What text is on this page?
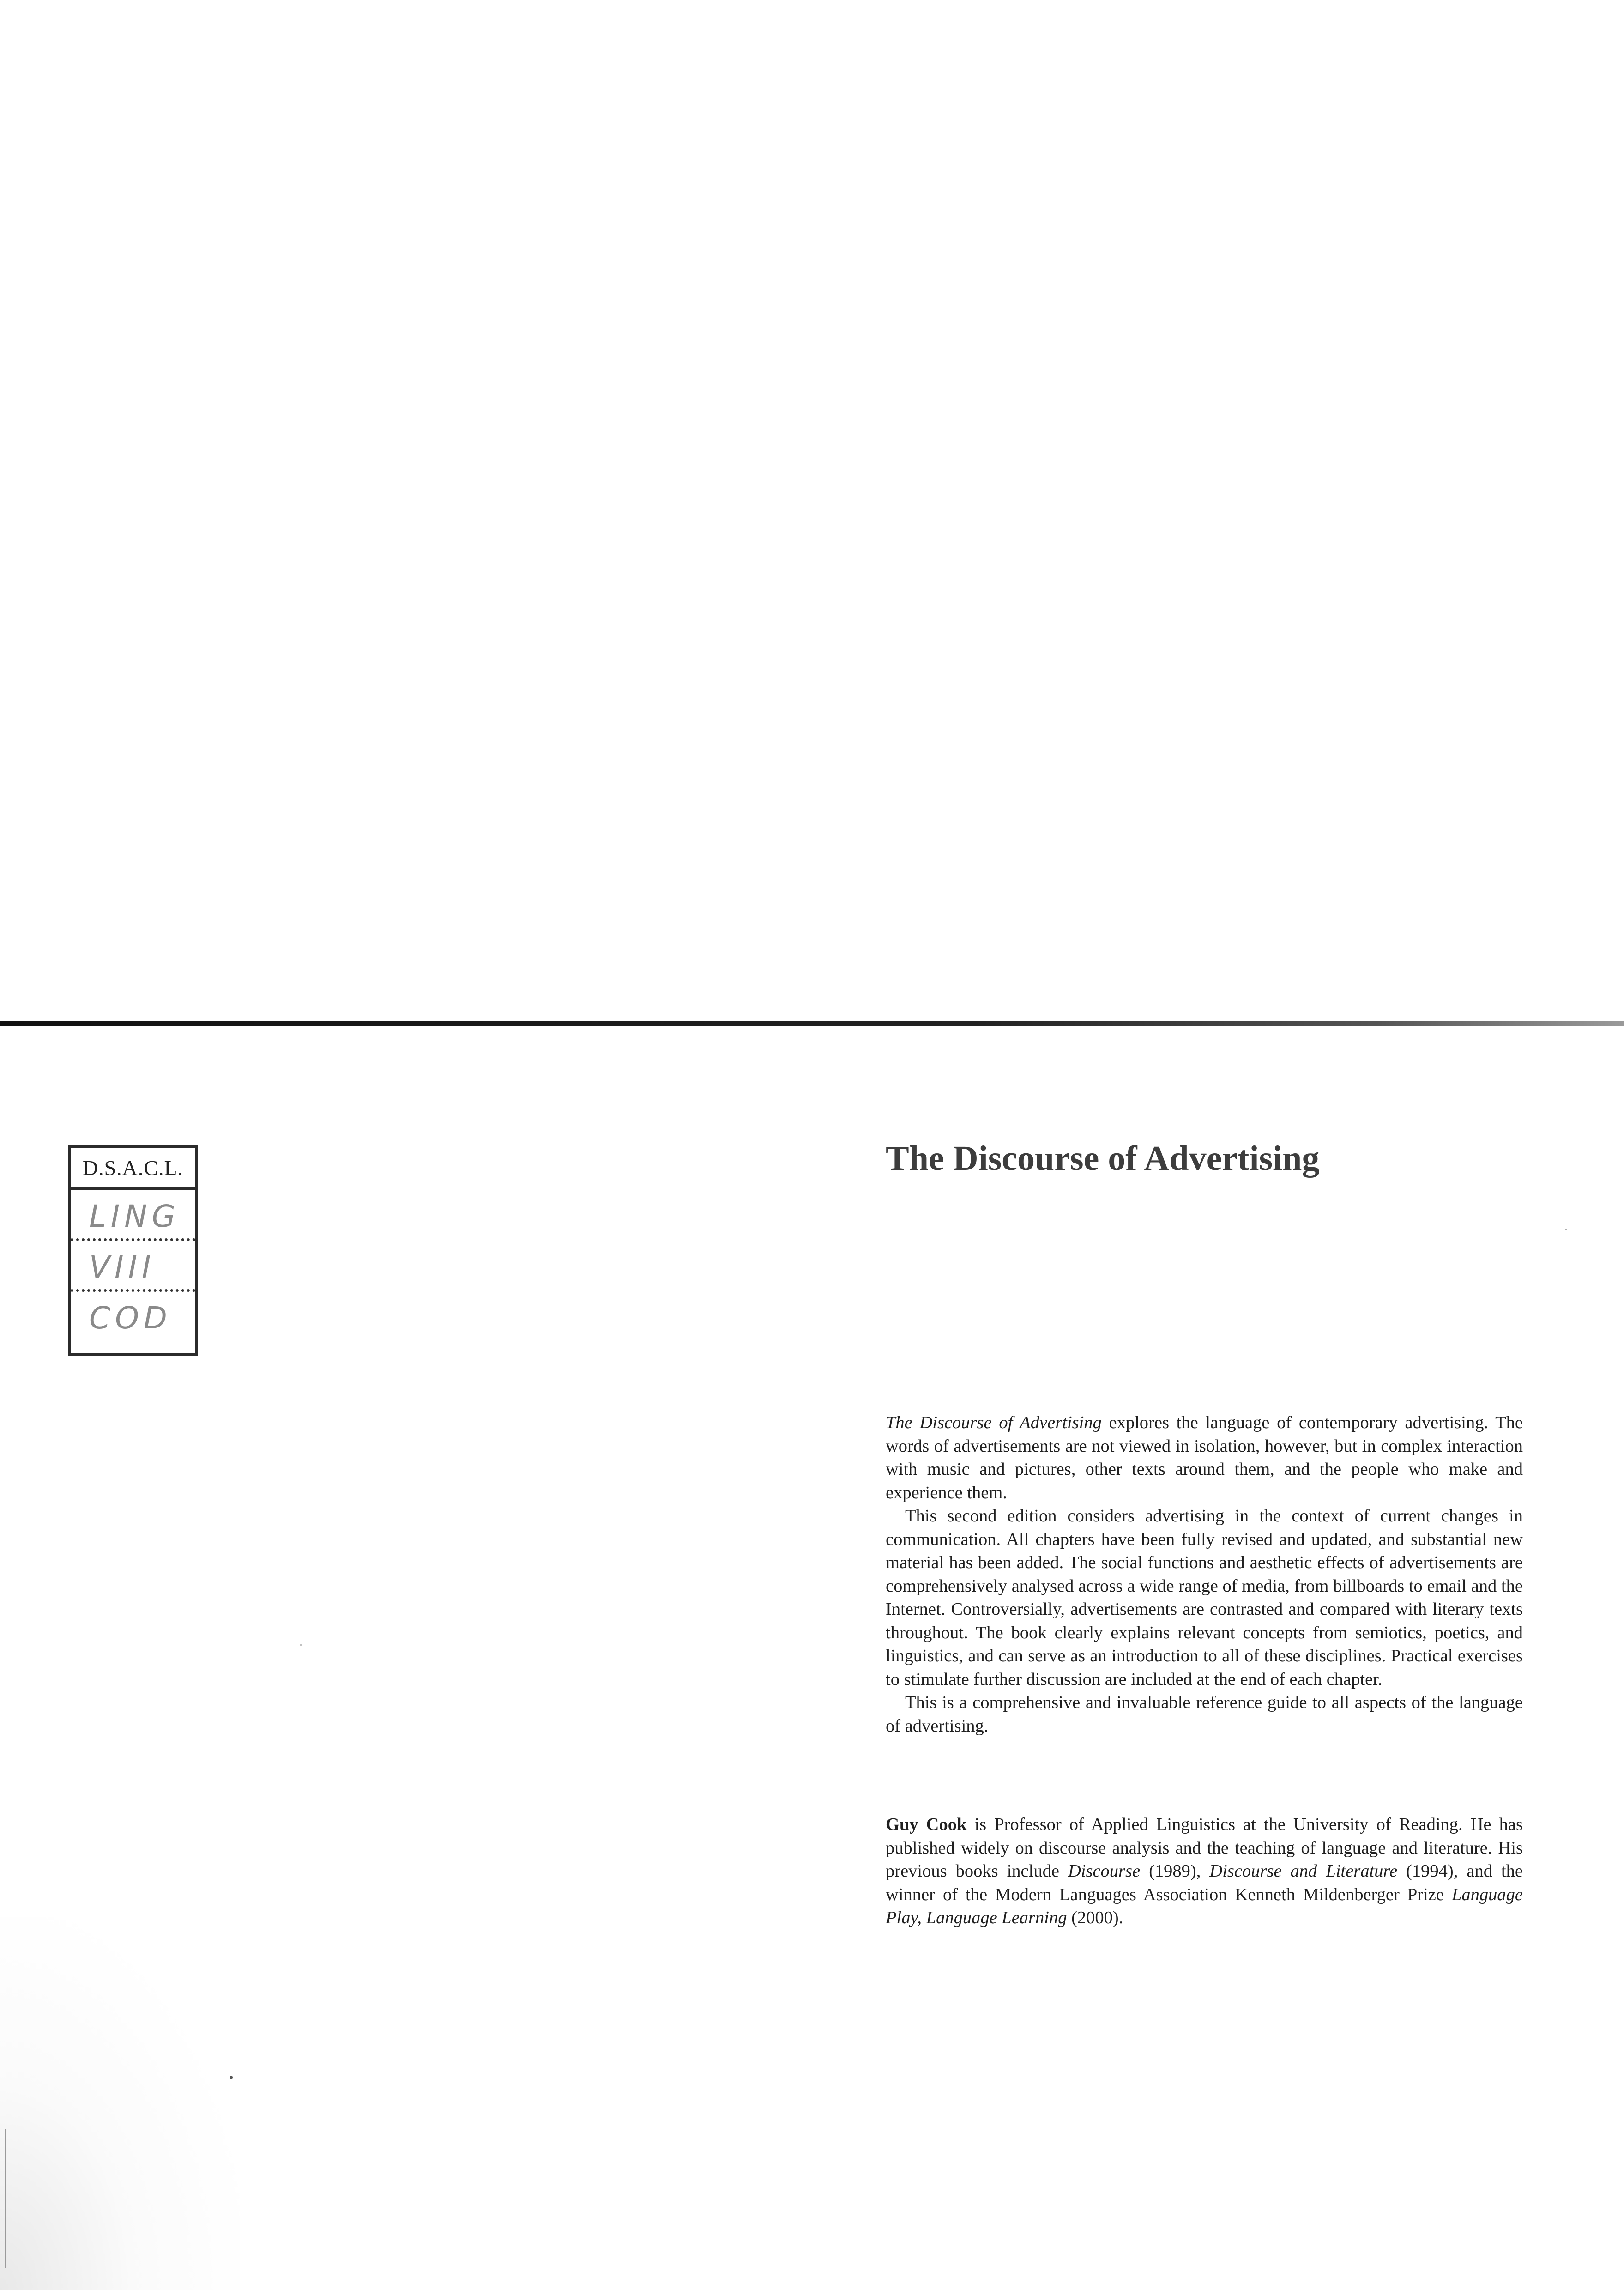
D.S.A.C.L.
LING
VIII
COD
The Discourse of Advertising

The Discourse of Advertising explores the language of contemporary advertising. The words of advertisements are not viewed in isolation, however, but in complex interaction with music and pictures, other texts around them, and the people who make and experience them.

This second edition considers advertising in the context of current changes in communication. All chapters have been fully revised and updated, and substantial new material has been added. The social functions and aesthetic effects of advertisements are comprehensively analysed across a wide range of media, from billboards to email and the Internet. Controversially, advertisements are contrasted and compared with literary texts throughout. The book clearly explains relevant concepts from semiotics, poetics, and linguistics, and can serve as an introduction to all of these disciplines. Practical exercises to stimulate further discussion are included at the end of each chapter.

This is a comprehensive and invaluable reference guide to all aspects of the language of advertising.

Guy Cook is Professor of Applied Linguistics at the University of Reading. He has published widely on discourse analysis and the teaching of language and literature. His previous books include Discourse (1989), Discourse and Literature (1994), and the winner of the Modern Languages Association Kenneth Mildenberger Prize Language Play, Language Learning (2000).
